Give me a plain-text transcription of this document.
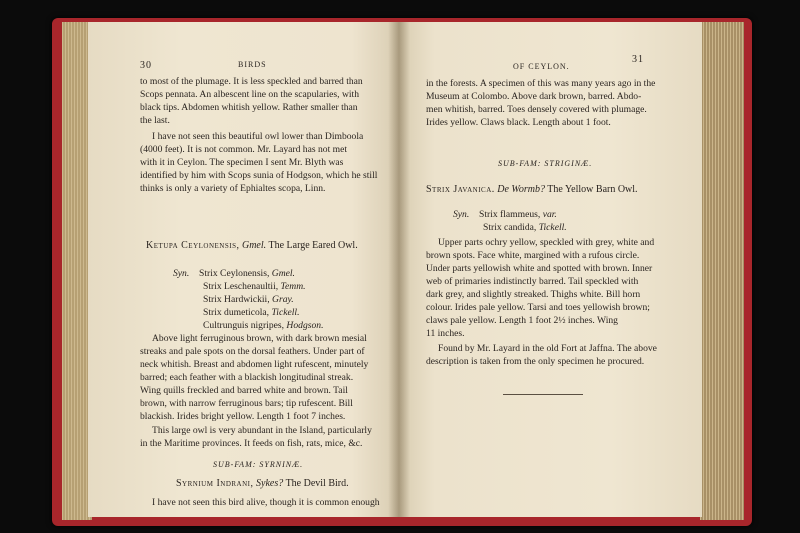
30	BIRDS

to most of the plumage. It is less speckled and barred than

Scops pennata. An albescent line on the scapularies, with

black tips. Abdomen whitish yellow. Rather smaller than

the last.

I have not seen this beautiful owl lower than Dimboola

(4000 feet). It is not common. Mr. Layard has not met

with it in Ceylon. The specimen I sent Mr. Blyth was

identified by him with Scops sunia of Hodgson, which he still

thinks is only a variety of Ephialtes scopa, Linn.

Ketupa Ceylonensis, Gmel. The Large Eared Owl.
Syn. Strix Ceylonensis, Gmel.
Strix Leschenaultii, Temm.
Strix Hardwickii, Gray.
Strix dumeticola, Tickell.
Cultrunguis nigripes, Hodgson.

Above light ferruginous brown, with dark brown mesial

streaks and pale spots on the dorsal feathers. Under part of

neck whitish. Breast and abdomen light rufescent, minutely

barred; each feather with a blackish longitudinal streak.

Wing quills freckled and barred white and brown. Tail

brown, with narrow ferruginous bars; tip rufescent. Bill

blackish. Irides bright yellow. Length 1 foot 7 inches.

This large owl is very abundant in the Island, particularly

in the Maritime provinces. It feeds on fish, rats, mice, &c.

SUB-FAM: SYRNINÆ.
Syrnium Indrani, Sykes? The Devil Bird.

I have not seen this bird alive, though it is common enough

OF CEYLON.
31

in the forests. A specimen of this was many years ago in the

Museum at Colombo. Above dark brown, barred. Abdo-

men whitish, barred. Toes densely covered with plumage.

Irides yellow. Claws black. Length about 1 foot.

SUB-FAM: STRIGINÆ.
Strix Javanica. De Wormb? The Yellow Barn Owl.
Syn. Strix flammeus, var.
Strix candida, Tickell.

Upper parts ochry yellow, speckled with grey, white and

brown spots. Face white, margined with a rufous circle.

Under parts yellowish white and spotted with brown. Inner

web of primaries indistinctly barred. Tail speckled with

dark grey, and slightly streaked. Thighs white. Bill horn

colour. Irides pale yellow. Tarsi and toes yellowish brown;

claws pale yellow. Length 1 foot 2½ inches. Wing

11 inches.

Found by Mr. Layard in the old Fort at Jaffna. The above

description is taken from the only specimen he procured.
